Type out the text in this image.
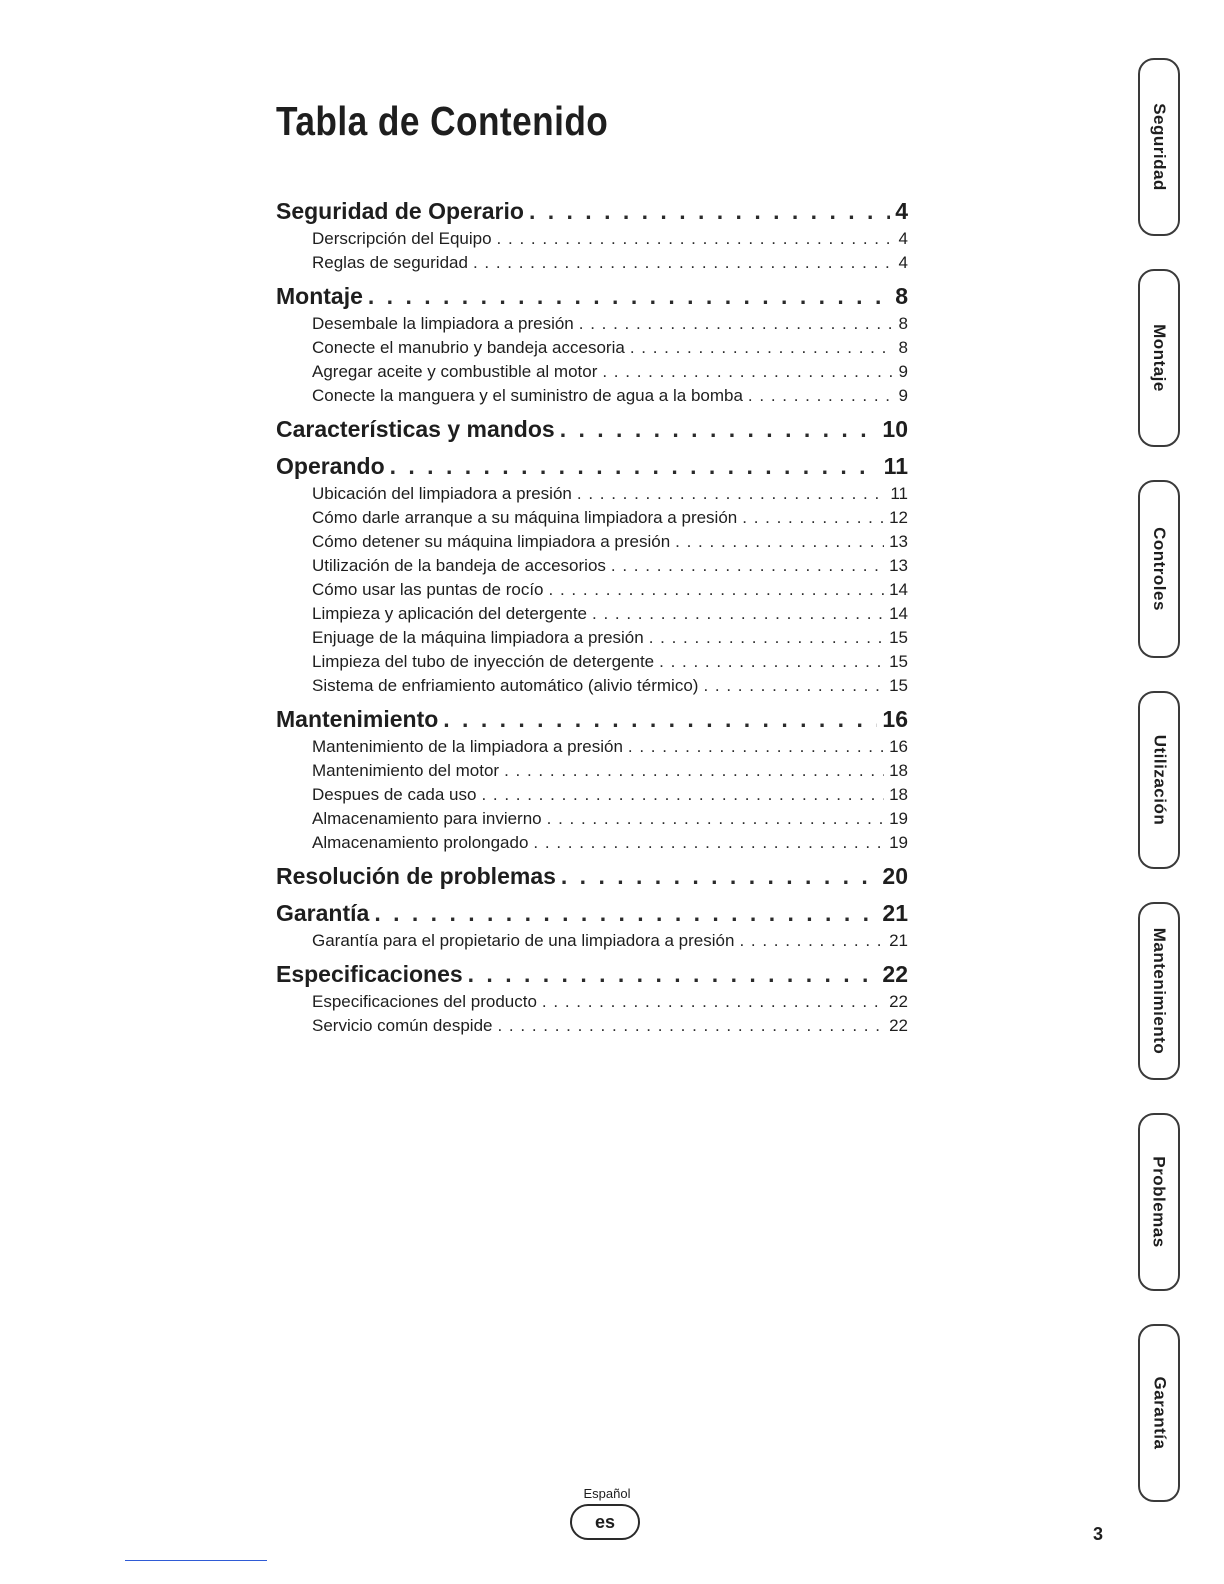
Tabla de Contenido
Seguridad de Operario . . .	4
Derscripción del Equipo . . .	4
Reglas de seguridad . . .	4
Montaje . . .	8
Desembale la limpiadora a presión . . .	8
Conecte el manubrio y bandeja accesoria . . .	8
Agregar aceite y combustible al motor . . .	9
Conecte la manguera y el suministro de agua a la bomba . . .	9
Características y mandos . . .	10
Operando . . .	11
Ubicación del limpiadora a presión . . .	11
Cómo darle arranque a su máquina limpiadora a presión . . .	12
Cómo detener su máquina limpiadora a presión . . .	13
Utilización de la bandeja de accesorios . . .	13
Cómo usar las puntas de rocío . . .	14
Limpieza y aplicación del detergente . . .	14
Enjuage de la máquina limpiadora a presión . . .	15
Limpieza del tubo de inyección de detergente . . .	15
Sistema de enfriamiento automático (alivio térmico) . . .	15
Mantenimiento . . .	16
Mantenimiento de la limpiadora a presión . . .	16
Mantenimiento del motor . . .	18
Despues de cada uso . . .	18
Almacenamiento para invierno . . .	19
Almacenamiento prolongado . . .	19
Resolución de problemas . . .	20
Garantía . . .	21
Garantía para el propietario de una limpiadora a presión . . .	21
Especificaciones . . .	22
Especificaciones del producto . . .	22
Servicio común despide . . .	22
Seguridad
Montaje
Controles
Utilización
Mantenimiento
Problemas
Garantía
Español
es
3
